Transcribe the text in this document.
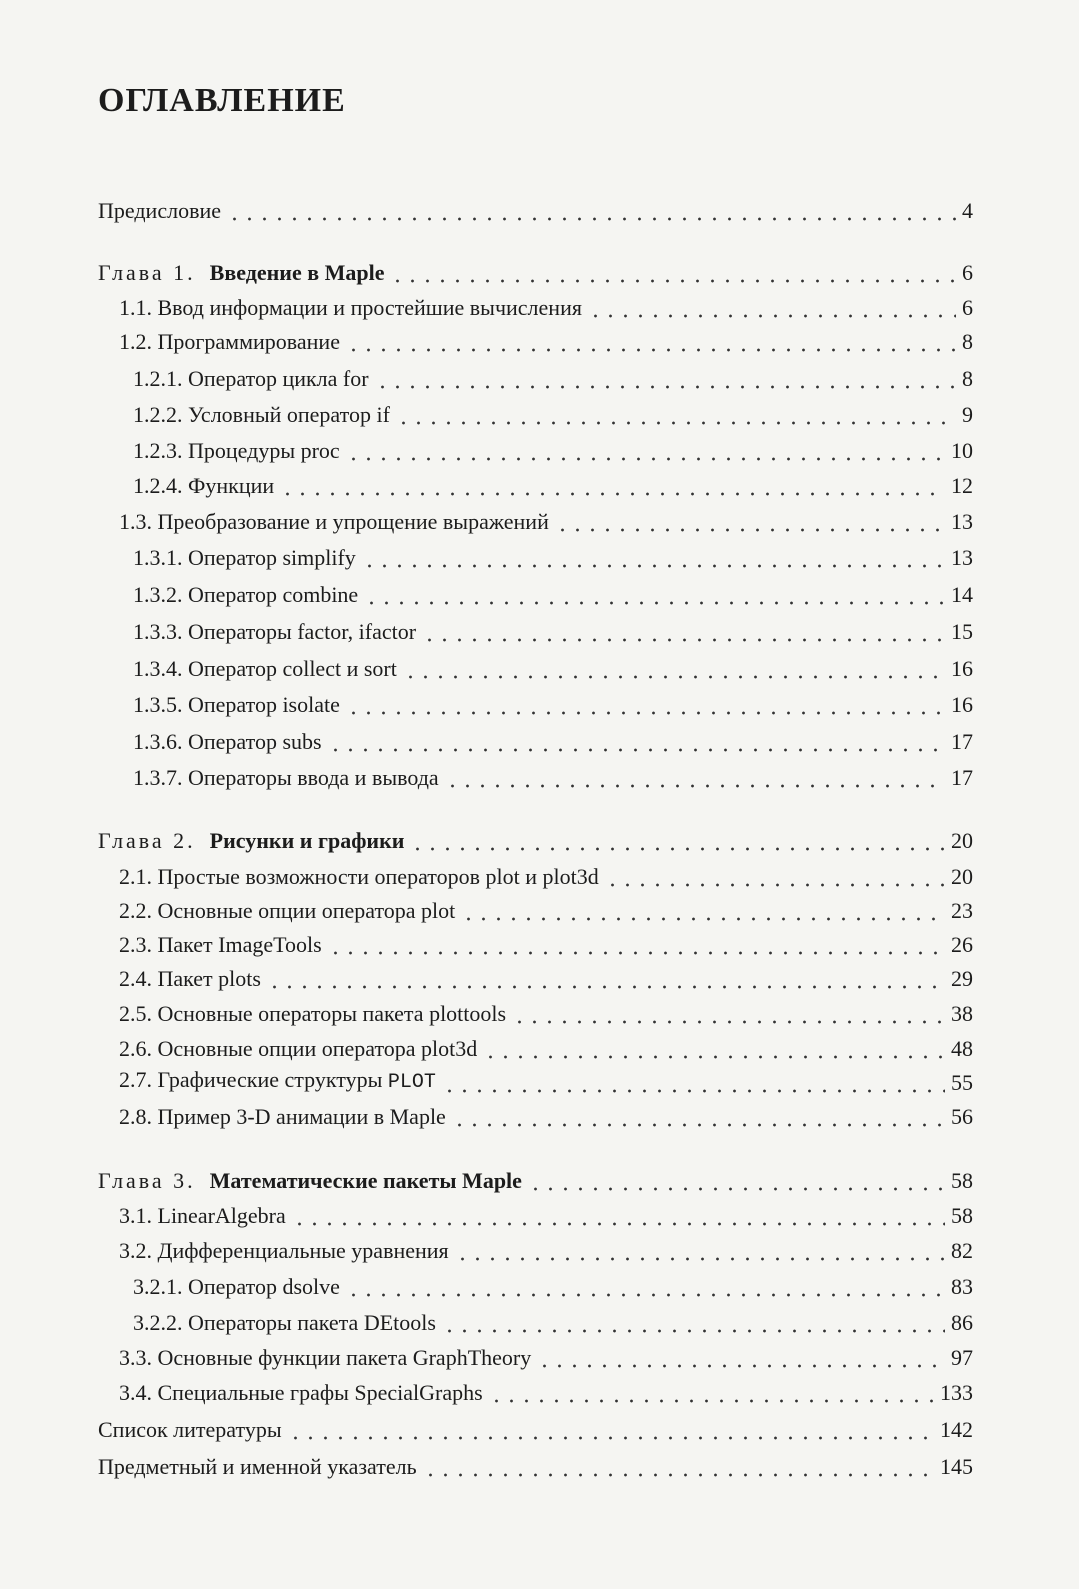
ОГЛАВЛЕНИЕ
Предисловие	4
Глава 1. Введение в Maple	6
1.1. Ввод информации и простейшие вычисления	6
1.2. Программирование	8
1.2.1. Оператор цикла for	8
1.2.2. Условный оператор if	9
1.2.3. Процедуры proc	10
1.2.4. Функции	12
1.3. Преобразование и упрощение выражений	13
1.3.1. Оператор simplify	13
1.3.2. Оператор combine	14
1.3.3. Операторы factor, ifactor	15
1.3.4. Оператор collect и sort	16
1.3.5. Оператор isolate	16
1.3.6. Оператор subs	17
1.3.7. Операторы ввода и вывода	17
Глава 2. Рисунки и графики	20
2.1. Простые возможности операторов plot и plot3d	20
2.2. Основные опции оператора plot	23
2.3. Пакет ImageTools	26
2.4. Пакет plots	29
2.5. Основные операторы пакета plottools	38
2.6. Основные опции оператора plot3d	48
2.7. Графические структуры PLOT	55
2.8. Пример 3-D анимации в Maple	56
Глава 3. Математические пакеты Maple	58
3.1. LinearAlgebra	58
3.2. Дифференциальные уравнения	82
3.2.1. Оператор dsolve	83
3.2.2. Операторы пакета DEtools	86
3.3. Основные функции пакета GraphTheory	97
3.4. Специальные графы SpecialGraphs	133
Список литературы	142
Предметный и именной указатель	145
